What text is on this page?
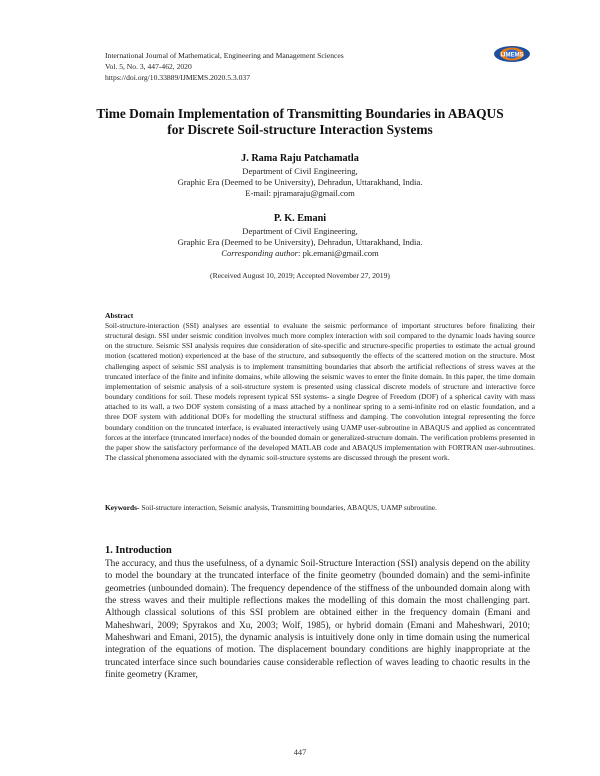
International Journal of Mathematical, Engineering and Management Sciences
Vol. 5, No. 3, 447-462, 2020
https://doi.org/10.33889/IJMEMS.2020.5.3.037
IJMEMS
Time Domain Implementation of Transmitting Boundaries in ABAQUS
for Discrete Soil-structure Interaction Systems
J. Rama Raju Patchamatla
Department of Civil Engineering,
Graphic Era (Deemed to be University), Dehradun, Uttarakhand, India.
E-mail: pjramaraju@gmail.com
P. K. Emani
Department of Civil Engineering,
Graphic Era (Deemed to be University), Dehradun, Uttarakhand, India.
Corresponding author: pk.emani@gmail.com
(Received August 10, 2019; Accepted November 27, 2019)
Abstract
Soil-structure-interaction (SSI) analyses are essential to evaluate the seismic performance of important structures before finalizing their structural design. SSI under seismic condition involves much more complex interaction with soil compared to the dynamic loads having source on the structure. Seismic SSI analysis requires due consideration of site-specific and structure-specific properties to estimate the actual ground motion (scattered motion) experienced at the base of the structure, and subsequently the effects of the scattered motion on the structure. Most challenging aspect of seismic SSI analysis is to implement transmitting boundaries that absorb the artificial reflections of stress waves at the truncated interface of the finite and infinite domains, while allowing the seismic waves to enter the finite domain. In this paper, the time domain implementation of seismic analysis of a soil-structure system is presented using classical discrete models of structure and interactive force boundary conditions for soil. These models represent typical SSI systems- a single Degree of Freedom (DOF) of a spherical cavity with mass attached to its wall, a two DOF system consisting of a mass attached by a nonlinear spring to a semi-infinite rod on elastic foundation, and a three DOF system with additional DOFs for modelling the structural stiffness and damping. The convolution integral representing the force boundary condition on the truncated interface, is evaluated interactively using UAMP user-subroutine in ABAQUS and applied as concentrated forces at the interface (truncated interface) nodes of the bounded domain or generalized-structure domain. The verification problems presented in the paper show the satisfactory performance of the developed MATLAB code and ABAQUS implementation with FORTRAN user-subroutines. The classical phenomena associated with the dynamic soil-structure systems are discussed through the present work.
Keywords- Soil-structure interaction, Seismic analysis, Transmitting boundaries, ABAQUS, UAMP subroutine.
1. Introduction
The accuracy, and thus the usefulness, of a dynamic Soil-Structure Interaction (SSI) analysis depend on the ability to model the boundary at the truncated interface of the finite geometry (bounded domain) and the semi-infinite geometries (unbounded domain). The frequency dependence of the stiffness of the unbounded domain along with the stress waves and their multiple reflections makes the modelling of this domain the most challenging part. Although classical solutions of this SSI problem are obtained either in the frequency domain (Emani and Maheshwari, 2009; Spyrakos and Xu, 2003; Wolf, 1985), or hybrid domain (Emani and Maheshwari, 2010; Maheshwari and Emani, 2015), the dynamic analysis is intuitively done only in time domain using the numerical integration of the equations of motion. The displacement boundary conditions are highly inappropriate at the truncated interface since such boundaries cause considerable reflection of waves leading to chaotic results in the finite geometry (Kramer,
447
